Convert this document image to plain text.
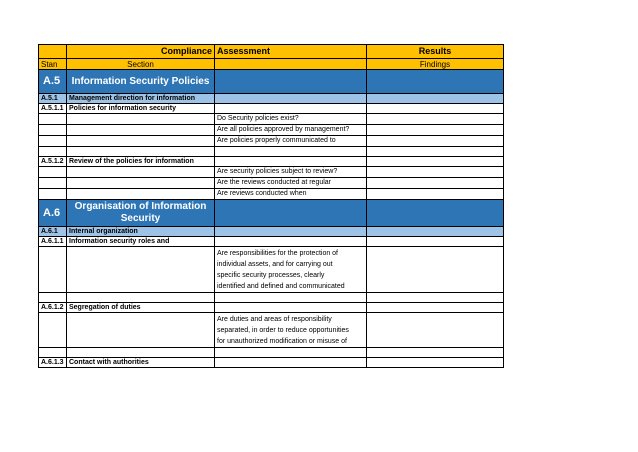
	Compliance	Assessment	Results
Stan	Section		Findings
A.5	Information Security Policies		
A.5.1	Management direction for information		
A.5.1.1	Policies for information security		
		Do Security policies exist?	
		Are all policies approved by management?	
		Are policies properly communicated to	

A.5.1.2	Review of the policies for information		
		Are security policies subject to review?	
		Are the reviews conducted at regular	
		Are reviews conducted when	
A.6	Organisation of Information Security		
A.6.1	Internal organization		
A.6.1.1	Information security roles and		

		Are responsibilities for the protection of
individual assets, and for carrying out
specific security processes, clearly
identified and defined and communicated	

A.6.1.2	Segregation of duties		

		Are duties and areas of responsibility
separated, in order to reduce opportunities
for unauthorized modification or misuse of	

A.6.1.3	Contact with authorities		
